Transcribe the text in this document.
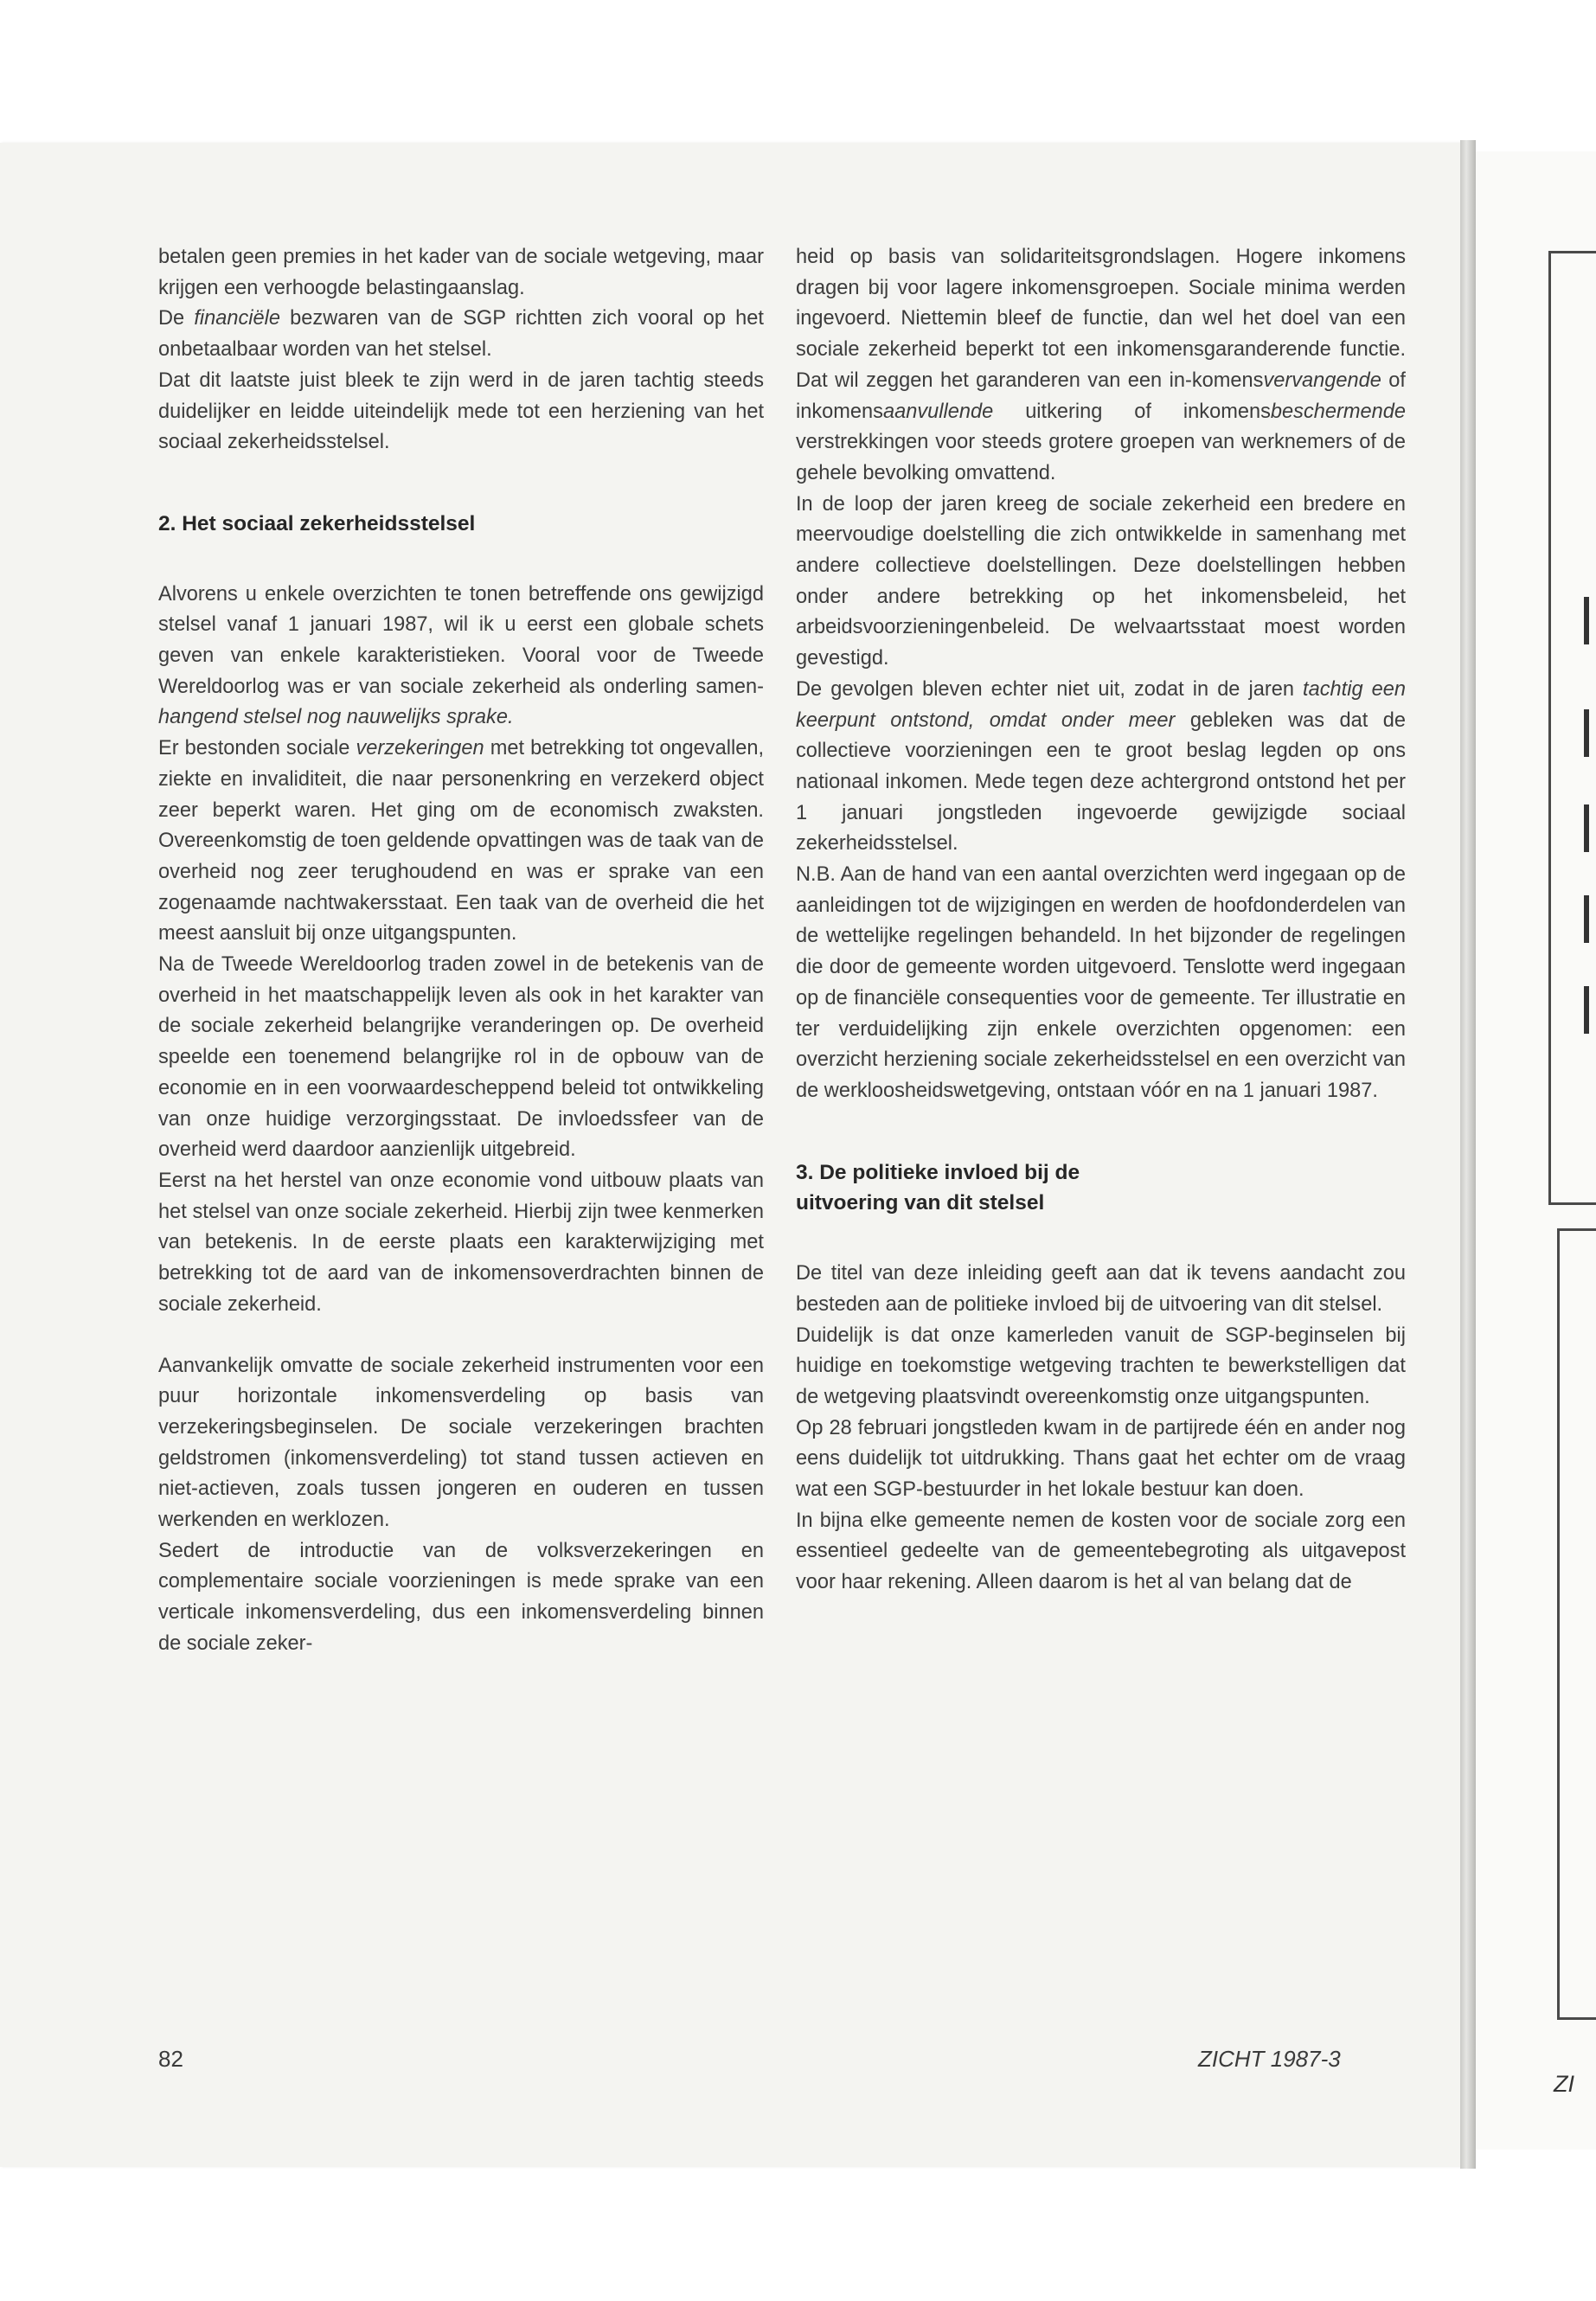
ZI

betalen geen premies in het kader van de sociale wetgeving, maar krijgen een verhoogde belastingaanslag.

De financiële bezwaren van de SGP richtten zich vooral op het onbetaalbaar worden van het stelsel.

Dat dit laatste juist bleek te zijn werd in de jaren tachtig steeds duidelijker en leidde uiteindelijk mede tot een herziening van het sociaal zekerheidsstelsel.

2. Het sociaal zekerheidsstelsel

Alvorens u enkele overzichten te tonen betreffende ons gewijzigd stelsel vanaf 1 januari 1987, wil ik u eerst een globale schets geven van enkele karakteristieken. Vooral voor de Tweede Wereldoorlog was er van sociale zekerheid als onderling samen-hangend stelsel nog nauwelijks sprake.

Er bestonden sociale verzekeringen met betrekking tot ongevallen, ziekte en invaliditeit, die naar personenkring en verzekerd object zeer beperkt waren. Het ging om de economisch zwaksten. Overeenkomstig de toen geldende opvattingen was de taak van de overheid nog zeer terughoudend en was er sprake van een zogenaamde nachtwakersstaat. Een taak van de overheid die het meest aansluit bij onze uitgangspunten.

Na de Tweede Wereldoorlog traden zowel in de betekenis van de overheid in het maatschappelijk leven als ook in het karakter van de sociale zekerheid belangrijke veranderingen op. De overheid speelde een toenemend belangrijke rol in de opbouw van de economie en in een voorwaardescheppend beleid tot ontwikkeling van onze huidige verzorgingsstaat. De invloedssfeer van de overheid werd daardoor aanzienlijk uitgebreid.

Eerst na het herstel van onze economie vond uitbouw plaats van het stelsel van onze sociale zekerheid. Hierbij zijn twee kenmerken van betekenis. In de eerste plaats een karakterwijziging met betrekking tot de aard van de inkomensoverdrachten binnen de sociale zekerheid.

Aanvankelijk omvatte de sociale zekerheid instrumenten voor een puur horizontale inkomensverdeling op basis van verzekeringsbeginselen. De sociale verzekeringen brachten geldstromen (inkomensverdeling) tot stand tussen actieven en niet-actieven, zoals tussen jongeren en ouderen en tussen werkenden en werklozen.

Sedert de introductie van de volksverzekeringen en complementaire sociale voorzieningen is mede sprake van een verticale inkomensverdeling, dus een inkomensverdeling binnen de sociale zeker-

heid op basis van solidariteitsgrondslagen. Hogere inkomens dragen bij voor lagere inkomensgroepen. Sociale minima werden ingevoerd. Niettemin bleef de functie, dan wel het doel van een sociale zekerheid beperkt tot een inkomensgaranderende functie. Dat wil zeggen het garanderen van een in-komensvervangende of inkomensaanvullende uitkering of inkomensbeschermende verstrekkingen voor steeds grotere groepen van werknemers of de gehele bevolking omvattend.

In de loop der jaren kreeg de sociale zekerheid een bredere en meervoudige doelstelling die zich ontwikkelde in samenhang met andere collectieve doelstellingen. Deze doelstellingen hebben onder andere betrekking op het inkomensbeleid, het arbeidsvoorzieningenbeleid. De welvaartsstaat moest worden gevestigd.

De gevolgen bleven echter niet uit, zodat in de jaren tachtig een keerpunt ontstond, omdat onder meer gebleken was dat de collectieve voorzieningen een te groot beslag legden op ons nationaal inkomen. Mede tegen deze achtergrond ontstond het per 1 januari jongstleden ingevoerde gewijzigde sociaal zekerheidsstelsel.

N.B. Aan de hand van een aantal overzichten werd ingegaan op de aanleidingen tot de wijzigingen en werden de hoofdonderdelen van de wettelijke regelingen behandeld. In het bijzonder de regelingen die door de gemeente worden uitgevoerd. Tenslotte werd ingegaan op de financiële consequenties voor de gemeente. Ter illustratie en ter verduidelijking zijn enkele overzichten opgenomen: een overzicht herziening sociale zekerheidsstelsel en een overzicht van de werkloosheidswetgeving, ontstaan vóór en na 1 januari 1987.

3. De politieke invloed bij de
uitvoering van dit stelsel

De titel van deze inleiding geeft aan dat ik tevens aandacht zou besteden aan de politieke invloed bij de uitvoering van dit stelsel.

Duidelijk is dat onze kamerleden vanuit de SGP-beginselen bij huidige en toekomstige wetgeving trachten te bewerkstelligen dat de wetgeving plaatsvindt overeenkomstig onze uitgangspunten.

Op 28 februari jongstleden kwam in de partijrede één en ander nog eens duidelijk tot uitdrukking. Thans gaat het echter om de vraag wat een SGP-bestuurder in het lokale bestuur kan doen.

In bijna elke gemeente nemen de kosten voor de sociale zorg een essentieel gedeelte van de gemeentebegroting als uitgavepost voor haar rekening. Alleen daarom is het al van belang dat de

82	ZICHT 1987-3
